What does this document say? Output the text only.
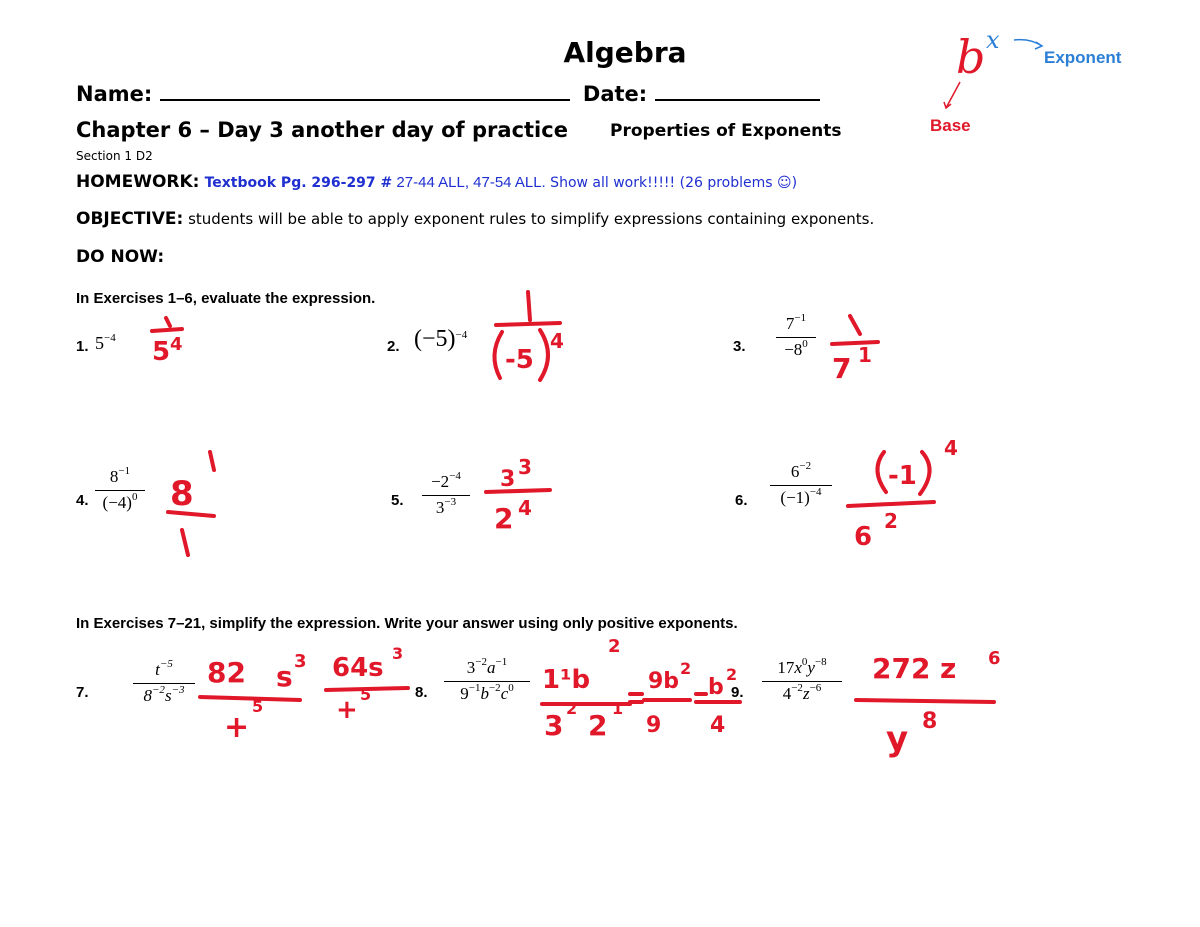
Algebra
Name:	Date:
Chapter 6 – Day 3 another day of practice Properties of Exponents
Section 1 D2
b x
Exponent
Base
HOMEWORK: Textbook Pg. 296-297 # 27-44 ALL, 47-54 ALL. Show all work!!!!! (26 problems ☺)
OBJECTIVE: students will be able to apply exponent rules to simplify expressions containing exponents.
DO NOW:
In Exercises 1–6, evaluate the expression.
1. $5^{-4}$	2. $(-5)^{-4}$
3.
$7^{-1}$
$-8^0$
4.
$8^{-1}$
$(-4)^0$	5.
$-2^{-4}$
$3^{-3}$	6.
$6^{-2}$
$(-1)^{-4}$
In Exercises 7–21, simplify the expression. Write your answer using only positive exponents.
7.
$t^{-5}$
$8^{-2}s^{-3}$	8.
$3^{-2}a^{-1}$
$9^{-1}b^{-2}c^0$	9.
$17x^0y^{-8}$
$4^{-2}z^{-6}$
5 4
-5
4
7 1
8	3 3
2 4
-1
4
6
2
82 s 3
+
5
64s 3
+
5	1¹b
2
3
2
2
1
9b
2
9
b
2
4
272 z 6
y 8
